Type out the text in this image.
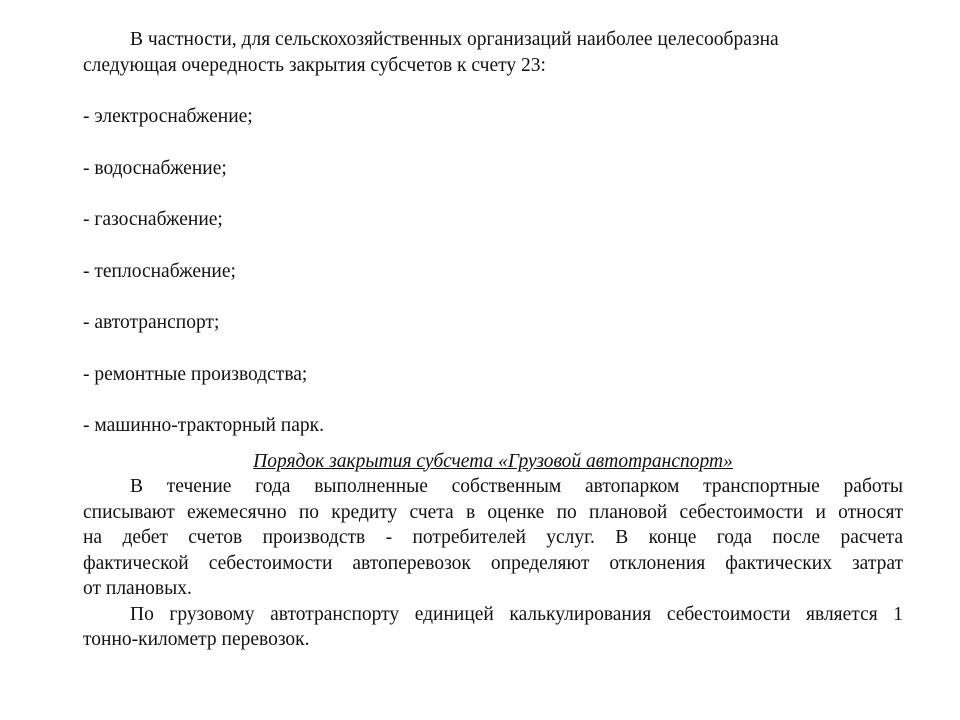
В частности, для сельскохозяйственных организаций наиболее целесообразна

следующая очередность закрытия субсчетов к счету 23:

- электроснабжение;
- водоснабжение;
- газоснабжение;
- теплоснабжение;
- автотранспорт;
- ремонтные производства;
- машинно-тракторный парк.

Порядок закрытия субсчета «Грузовой автотранспорт»

В течение года выполненные собственным автопарком транспортные работы

списывают ежемесячно по кредиту счета в оценке по плановой себестоимости и относят

на дебет счетов производств - потребителей услуг. В конце года после расчета

фактической себестоимости автоперевозок определяют отклонения фактических затрат

от плановых.

По грузовому автотранспорту единицей калькулирования себестоимости является 1

тонно-километр перевозок.
